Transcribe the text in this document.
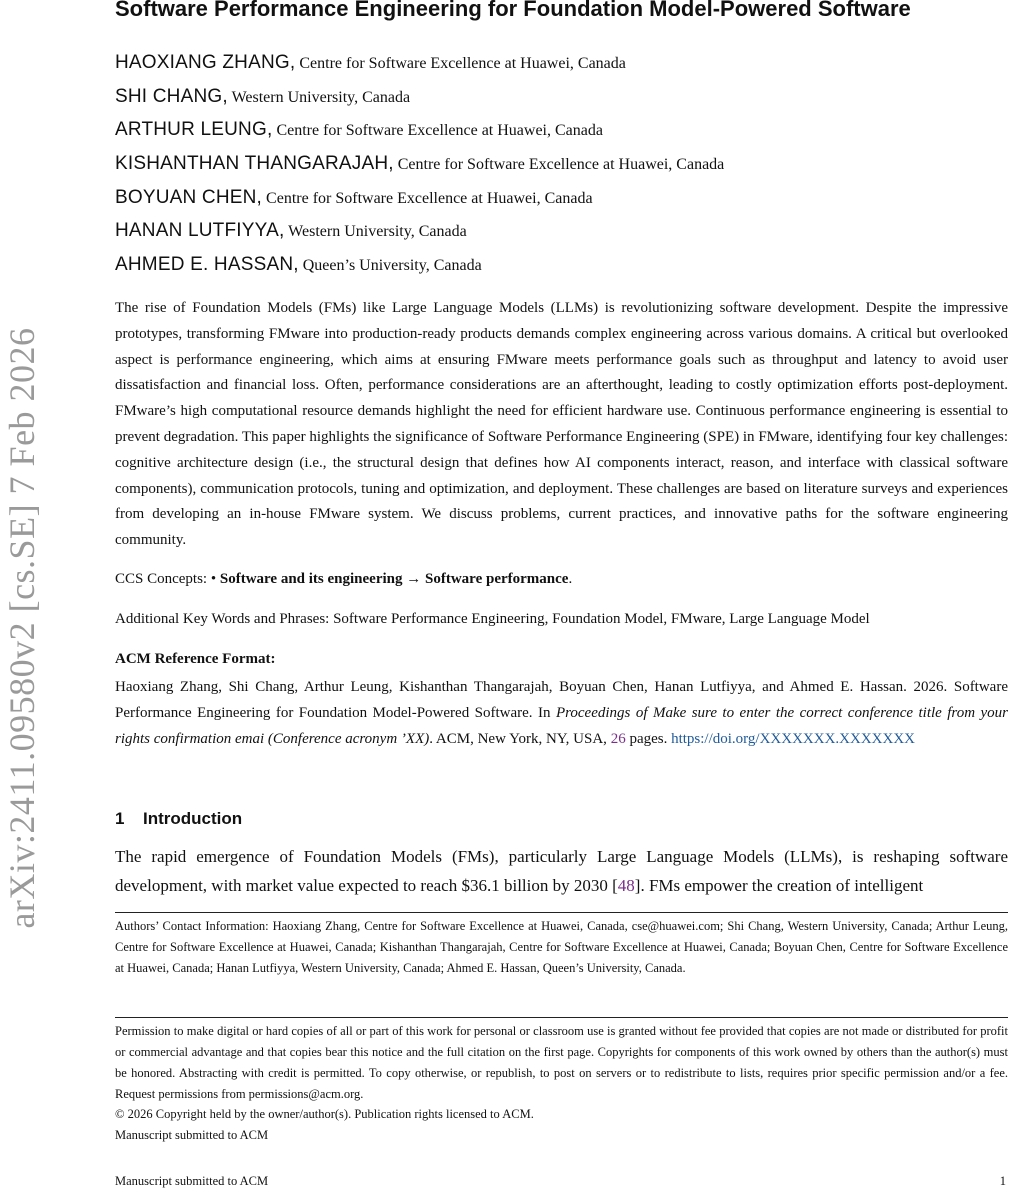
arXiv:2411.09580v2 [cs.SE] 7 Feb 2026
Software Performance Engineering for Foundation Model-Powered Software
HAOXIANG ZHANG, Centre for Software Excellence at Huawei, Canada
SHI CHANG, Western University, Canada
ARTHUR LEUNG, Centre for Software Excellence at Huawei, Canada
KISHANTHAN THANGARAJAH, Centre for Software Excellence at Huawei, Canada
BOYUAN CHEN, Centre for Software Excellence at Huawei, Canada
HANAN LUTFIYYA, Western University, Canada
AHMED E. HASSAN, Queen’s University, Canada

The rise of Foundation Models (FMs) like Large Language Models (LLMs) is revolutionizing software development. Despite the impressive prototypes, transforming FMware into production-ready products demands complex engineering across various domains. A critical but overlooked aspect is performance engineering, which aims at ensuring FMware meets performance goals such as throughput and latency to avoid user dissatisfaction and financial loss. Often, performance considerations are an afterthought, leading to costly optimization efforts post-deployment. FMware’s high computational resource demands highlight the need for efficient hardware use. Continuous performance engineering is essential to prevent degradation. This paper highlights the significance of Software Performance Engineering (SPE) in FMware, identifying four key challenges: cognitive architecture design (i.e., the structural design that defines how AI components interact, reason, and interface with classical software components), communication protocols, tuning and optimization, and deployment. These challenges are based on literature surveys and experiences from developing an in-house FMware system. We discuss problems, current practices, and innovative paths for the software engineering community.

CCS Concepts: • Software and its engineering → Software performance.

Additional Key Words and Phrases: Software Performance Engineering, Foundation Model, FMware, Large Language Model

ACM Reference Format:

Haoxiang Zhang, Shi Chang, Arthur Leung, Kishanthan Thangarajah, Boyuan Chen, Hanan Lutfiyya, and Ahmed E. Hassan. 2026. Software Performance Engineering for Foundation Model-Powered Software. In Proceedings of Make sure to enter the correct conference title from your rights confirmation emai (Conference acronym ’XX). ACM, New York, NY, USA, 26 pages. https://doi.org/XXXXXXX.XXXXXXX

1 Introduction

The rapid emergence of Foundation Models (FMs), particularly Large Language Models (LLMs), is reshaping software development, with market value expected to reach $36.1 billion by 2030 [48]. FMs empower the creation of intelligent

Authors’ Contact Information: Haoxiang Zhang, Centre for Software Excellence at Huawei, Canada, cse@huawei.com; Shi Chang, Western University, Canada; Arthur Leung, Centre for Software Excellence at Huawei, Canada; Kishanthan Thangarajah, Centre for Software Excellence at Huawei, Canada; Boyuan Chen, Centre for Software Excellence at Huawei, Canada; Hanan Lutfiyya, Western University, Canada; Ahmed E. Hassan, Queen’s University, Canada.

Permission to make digital or hard copies of all or part of this work for personal or classroom use is granted without fee provided that copies are not made or distributed for profit or commercial advantage and that copies bear this notice and the full citation on the first page. Copyrights for components of this work owned by others than the author(s) must be honored. Abstracting with credit is permitted. To copy otherwise, or republish, to post on servers or to redistribute to lists, requires prior specific permission and/or a fee. Request permissions from permissions@acm.org.

© 2026 Copyright held by the owner/author(s). Publication rights licensed to ACM.

Manuscript submitted to ACM

Manuscript submitted to ACM	1
